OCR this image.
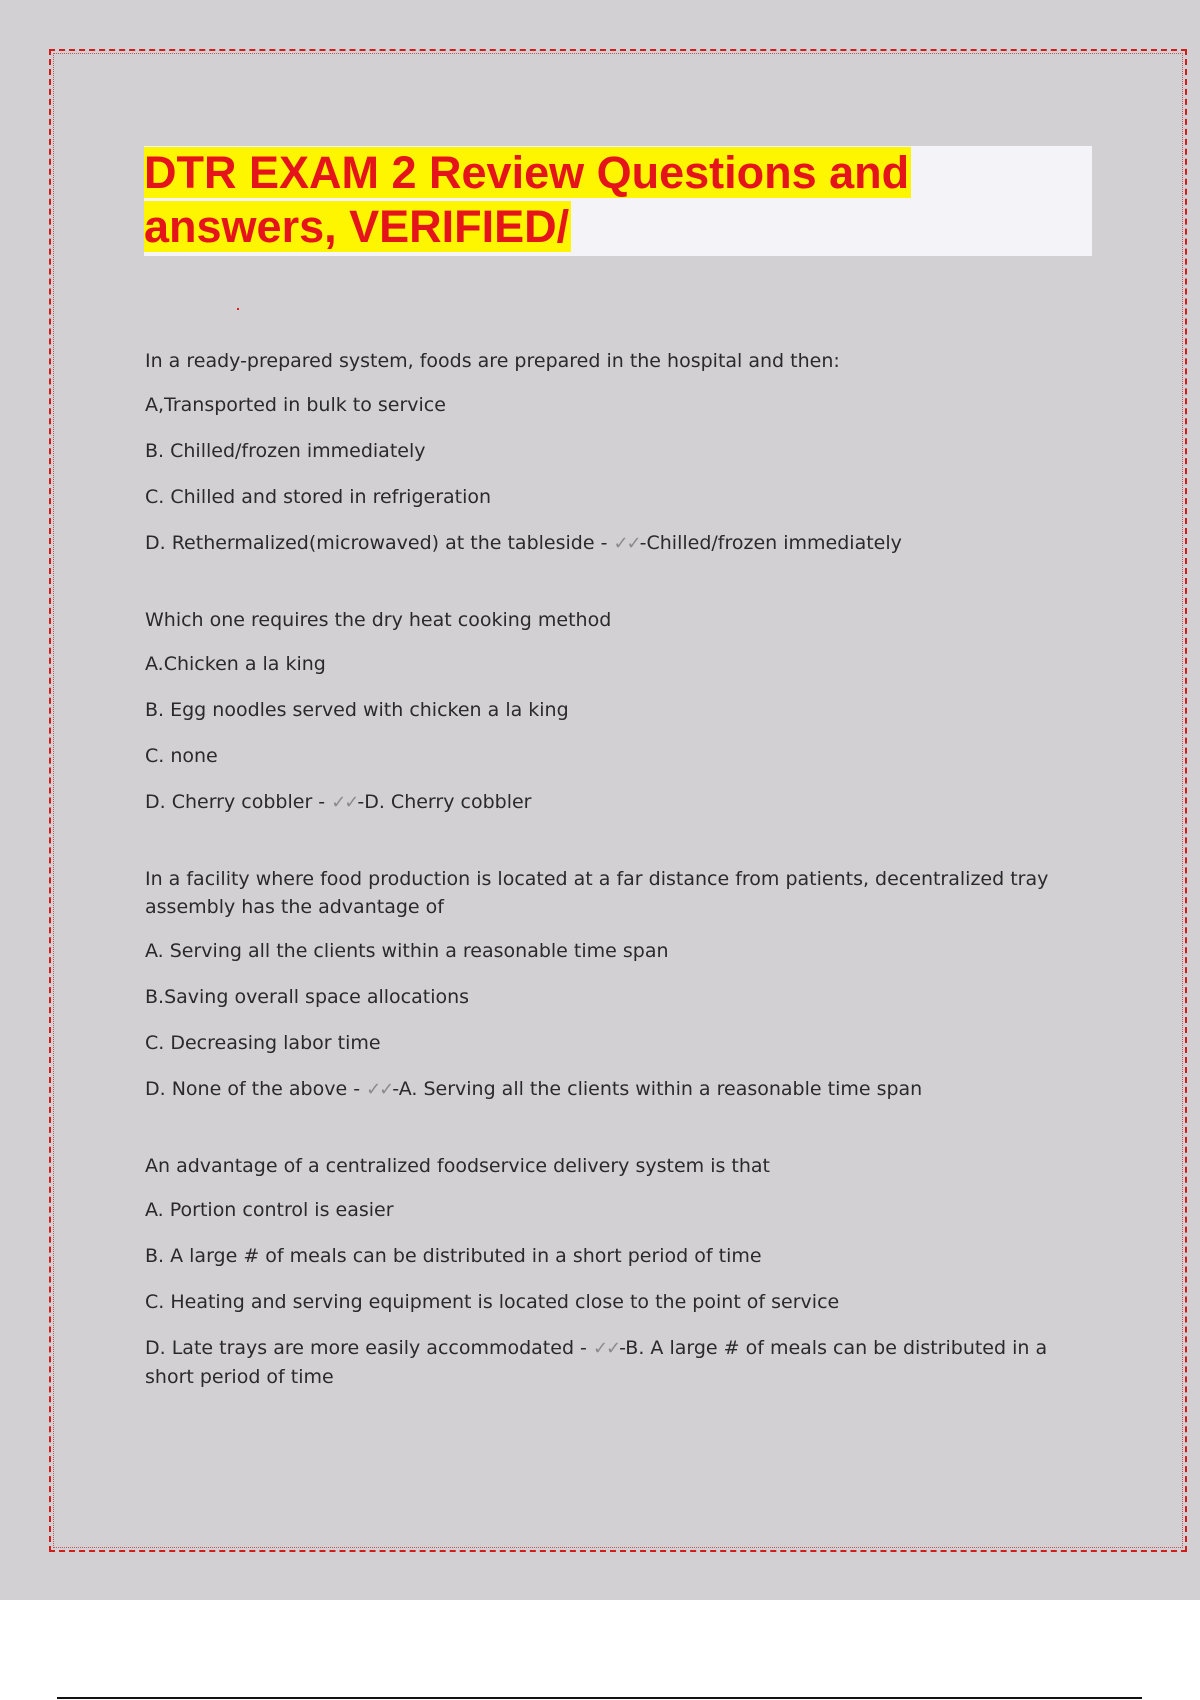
DTR EXAM 2 Review Questions and
answers, VERIFIED/

In a ready-prepared system, foods are prepared in the hospital and then:

A,Transported in bulk to service

B. Chilled/frozen immediately

C. Chilled and stored in refrigeration

D. Rethermalized(microwaved) at the tableside - ✓✓-Chilled/frozen immediately

Which one requires the dry heat cooking method

A.Chicken a la king

B. Egg noodles served with chicken a la king

C. none

D. Cherry cobbler - ✓✓-D. Cherry cobbler

In a facility where food production is located at a far distance from patients, decentralized tray assembly has the advantage of

A. Serving all the clients within a reasonable time span

B.Saving overall space allocations

C. Decreasing labor time

D. None of the above - ✓✓-A. Serving all the clients within a reasonable time span

An advantage of a centralized foodservice delivery system is that

A. Portion control is easier

B. A large # of meals can be distributed in a short period of time

C. Heating and serving equipment is located close to the point of service

D. Late trays are more easily accommodated - ✓✓-B. A large # of meals can be distributed in a short period of time
